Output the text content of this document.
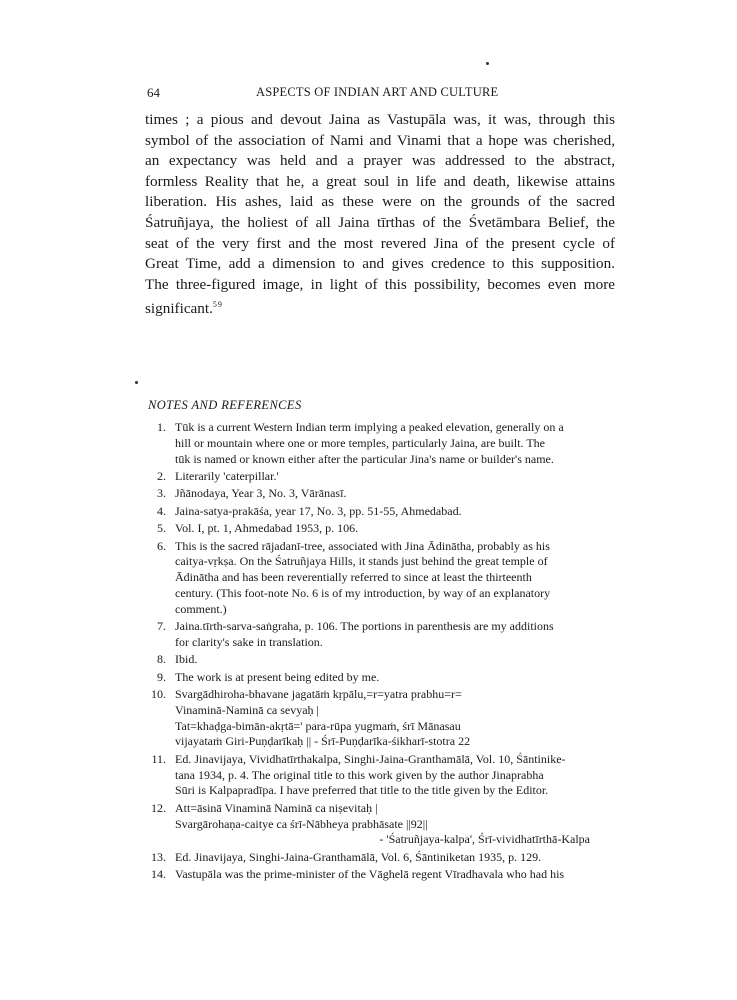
64	ASPECTS OF INDIAN ART AND CULTURE
times ; a pious and devout Jaina as Vastupāla was, it was, through this
symbol of the association of Nami and Vinami that a hope was cherished,
an expectancy was held and a prayer was addressed to the abstract,
formless Reality that he, a great soul in life and death, likewise attains
liberation. His ashes, laid as these were on the grounds of the sacred
Śatruñjaya, the holiest of all Jaina tīrthas of the Śvetāmbara Belief, the
seat of the very first and the most revered Jina of the present cycle of
Great Time, add a dimension to and gives credence to this supposition.
The three-figured image, in light of this possibility, becomes even more
significant.$^{59}$
NOTES AND REFERENCES
1. Tūk is a current Western Indian term implying a peaked elevation, generally on a
hill or mountain where one or more temples, particularly Jaina, are built. The
tūk is named or known either after the particular Jina's name or builder's name.
2. Literarily 'caterpillar.'
3. Jñānodaya, Year 3, No. 3, Vārānasī.
4. Jaina-satya-prakāśa, year 17, No. 3, pp. 51-55, Ahmedabad.
5. Vol. I, pt. 1, Ahmedabad 1953, p. 106.
6. This is the sacred rājadanī-tree, associated with Jina Ādinātha, probably as his
caitya-vṛkṣa. On the Śatruñjaya Hills, it stands just behind the great temple of
Ādinātha and has been reverentially referred to since at least the thirteenth
century. (This foot-note No. 6 is of my introduction, by way of an explanatory
comment.)
7. Jaina.tīrth-sarva-saṅgraha, p. 106. The portions in parenthesis are my additions
for clarity's sake in translation.
8. Ibid.
9. The work is at present being edited by me.
10. Svargādhiroha-bhavane jagatāṁ kṛpālu,=r=yatra prabhu=r=
Vinaminā-Naminā ca sevyaḥ |
Tat=khaḍga-bimān-akṛtā=' para-rūpa yugmaṁ, śrī Mānasau
vijayataṁ Giri-Puṇḍarīkaḥ || - Śrī-Puṇḍarīka-śikharī-stotra 22
11. Ed. Jinavijaya, Vividhatīrthakalpa, Singhi-Jaina-Granthamālā, Vol. 10, Śāntinike-
tana 1934, p. 4. The original title to this work given by the author Jinaprabha
Sūri is Kalpapradīpa. I have preferred that title to the title given by the Editor.
12. Att=āsinā Vinaminā Naminā ca niṣevitaḥ |
Svargārohaṇa-caitye ca śrī-Nābheya prabhāsate ||92||
- 'Śatruñjaya-kalpa', Śrī-vividhatīrthā-Kalpa
13. Ed. Jinavijaya, Singhi-Jaina-Granthamālā, Vol. 6, Śāntiniketan 1935, p. 129.
14. Vastupāla was the prime-minister of the Vāghelā regent Vīradhavala who had his
